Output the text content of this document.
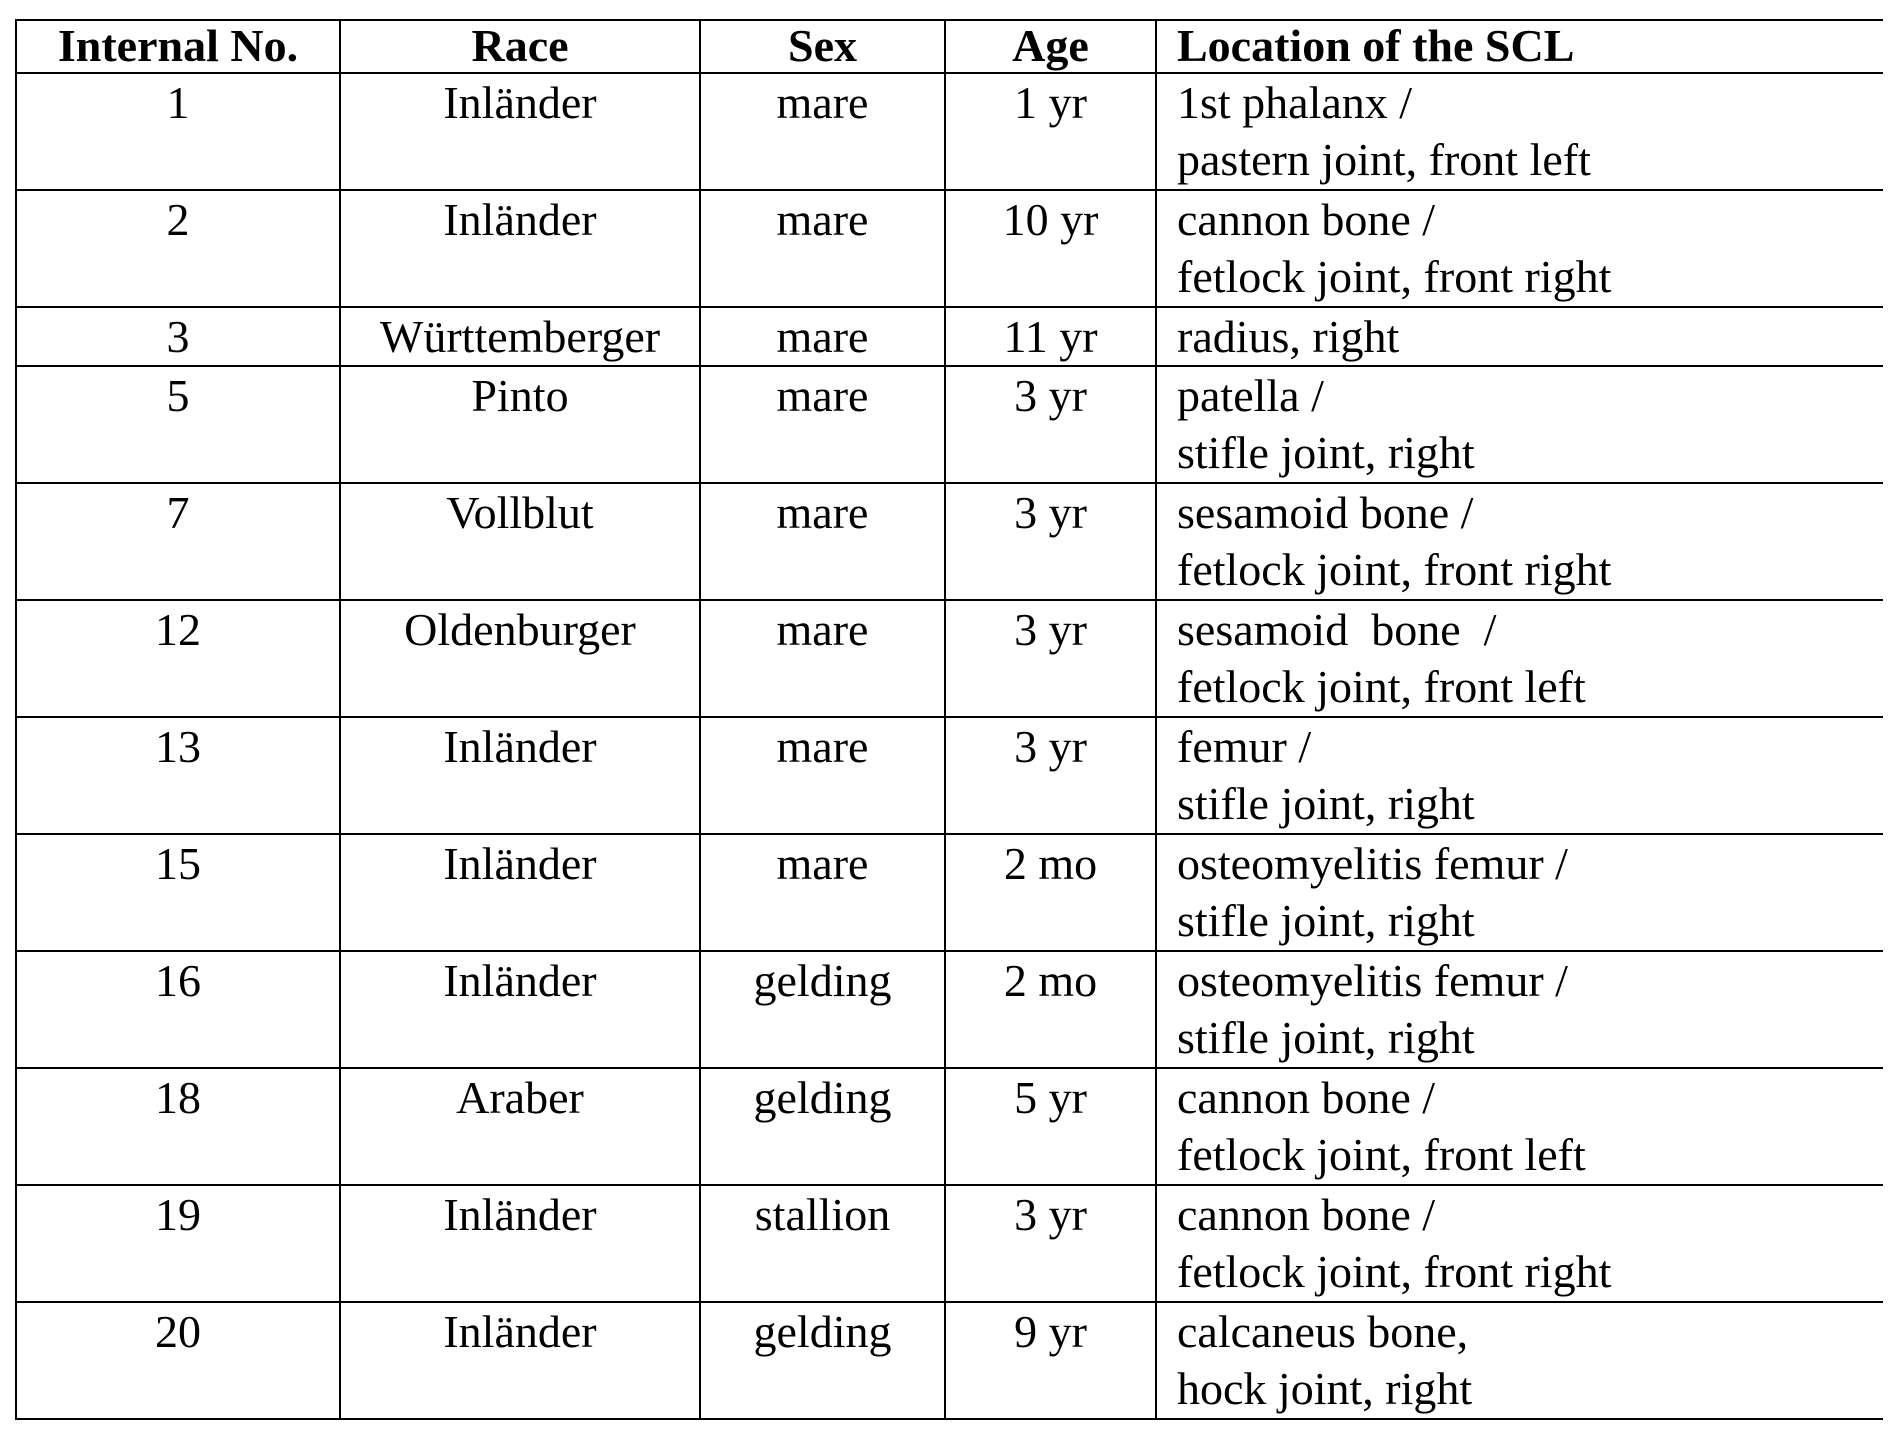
Internal No.	Race	Sex	Age	Location of the SCL
1	Inländer	mare	1 yr	1st phalanx /
pastern joint, front left

2	Inländer	mare	10 yr	cannon bone /
fetlock joint, front right

3	Württemberger	mare	11 yr	radius, right

5	Pinto	mare	3 yr	patella /
stifle joint, right

7	Vollblut	mare	3 yr	sesamoid bone /
fetlock joint, front right

12	Oldenburger	mare	3 yr	sesamoid  bone  /
fetlock joint, front left

13	Inländer	mare	3 yr	femur /
stifle joint, right

15	Inländer	mare	2 mo	osteomyelitis femur /
stifle joint, right

16	Inländer	gelding	2 mo	osteomyelitis femur /
stifle joint, right

18	Araber	gelding	5 yr	cannon bone /
fetlock joint, front left

19	Inländer	stallion	3 yr	cannon bone /
fetlock joint, front right

20	Inländer	gelding	9 yr	calcaneus bone,
hock joint, right
